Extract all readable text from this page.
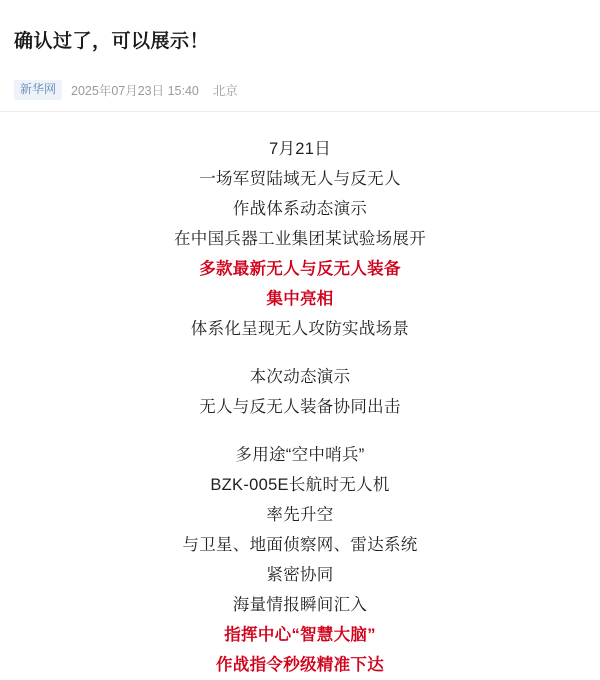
确认过了，可以展示！
新华网	2025年07月23日 15:40 北京
7月21日
一场军贸陆域无人与反无人
作战体系动态演示
在中国兵器工业集团某试验场展开
多款最新无人与反无人装备
集中亮相
体系化呈现无人攻防实战场景

本次动态演示
无人与反无人装备协同出击

多用途“空中哨兵”
BZK-005E长航时无人机
率先升空
与卫星、地面侦察网、雷达系统
紧密协同
海量情报瞬间汇入
指挥中心“智慧大脑”
作战指令秒级精准下达
